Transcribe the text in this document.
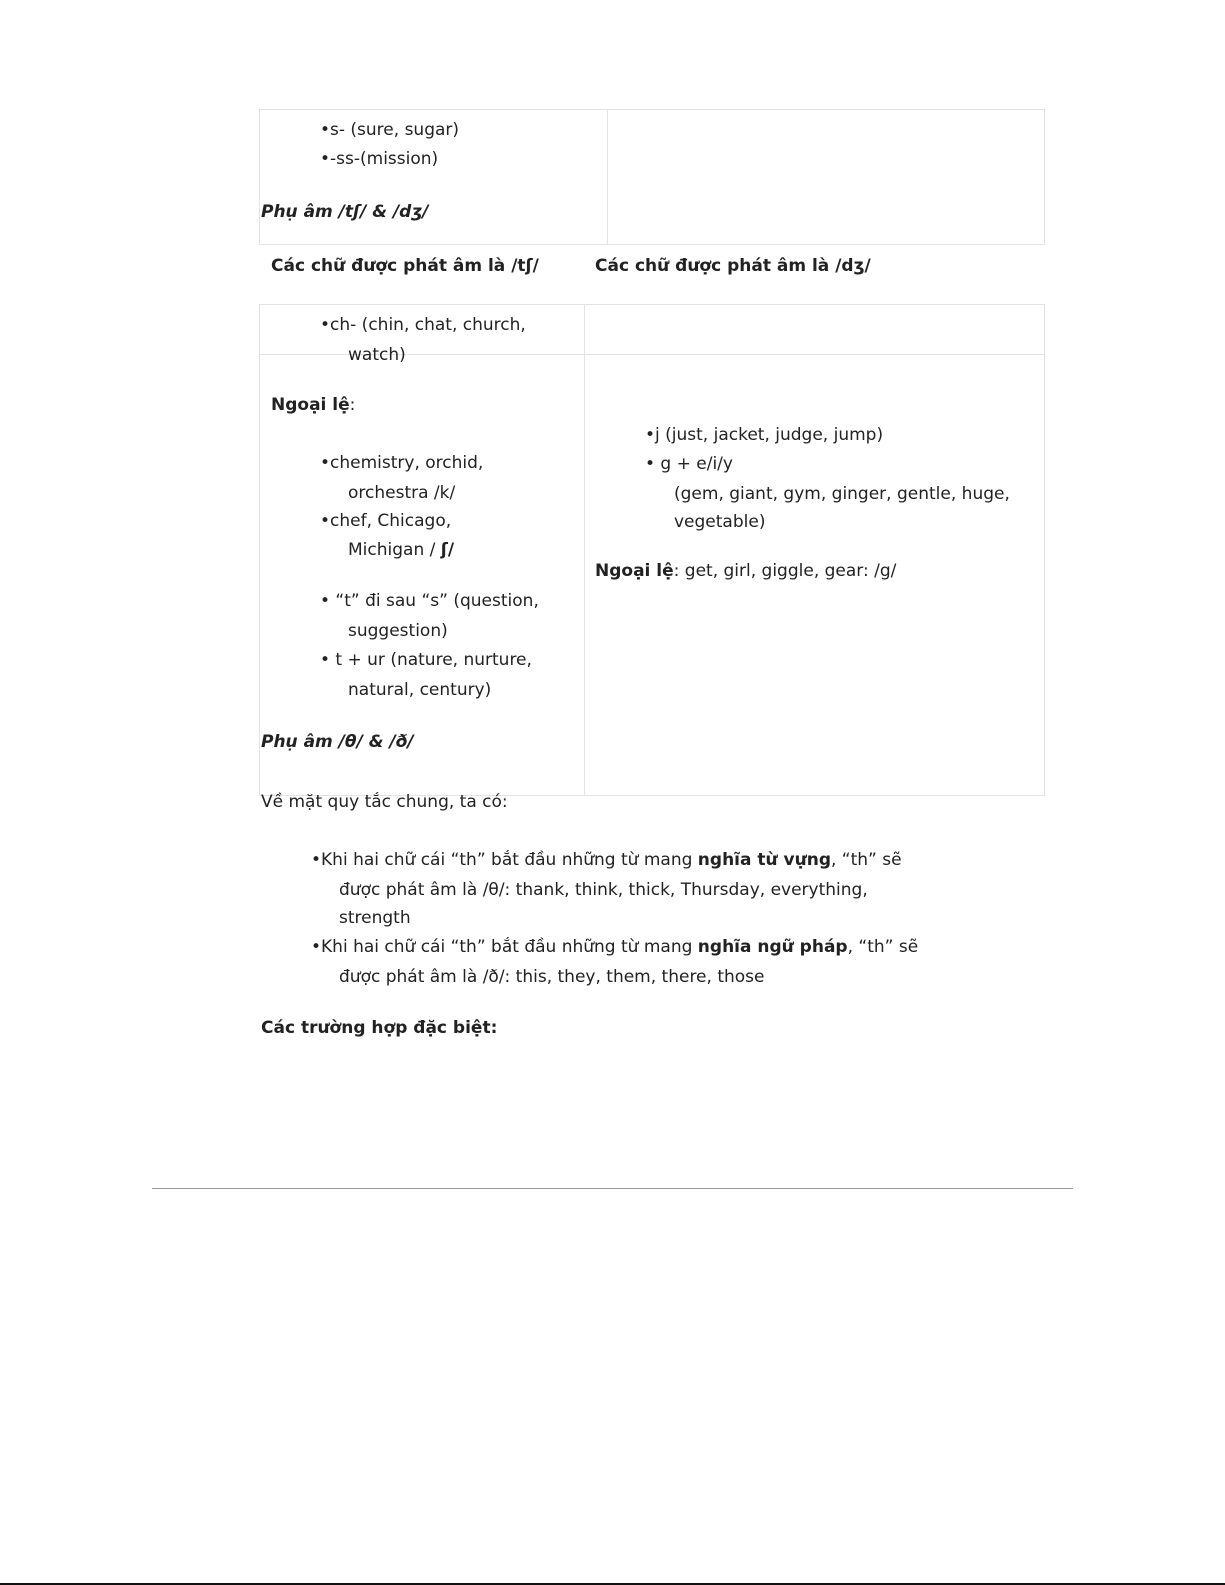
•s- (sure, sugar)
•-ss-(mission)
Phụ âm /tʃ/ & /dʒ/
Các chữ được phát âm là /tʃ/	Các chữ được phát âm là /dʒ/
•ch- (chin, chat, church,
watch)
Ngoại lệ:
•chemistry, orchid,
orchestra /k/
•chef, Chicago,
Michigan / ʃ/
• “t” đi sau “s” (question,
suggestion)
• t + ur (nature, nurture,
natural, century)
Phụ âm /θ/ & /ð/
•j (just, jacket, judge, jump)
• g + e/i/y
(gem, giant, gym, ginger, gentle, huge,
vegetable)
Ngoại lệ: get, girl, giggle, gear: /g/
Về mặt quy tắc chung, ta có:
•Khi hai chữ cái “th” bắt đầu những từ mang nghĩa từ vựng, “th” sẽ
được phát âm là /θ/: thank, think, thick, Thursday, everything,
strength
•Khi hai chữ cái “th” bắt đầu những từ mang nghĩa ngữ pháp, “th” sẽ
được phát âm là /ð/: this, they, them, there, those
Các trường hợp đặc biệt:
